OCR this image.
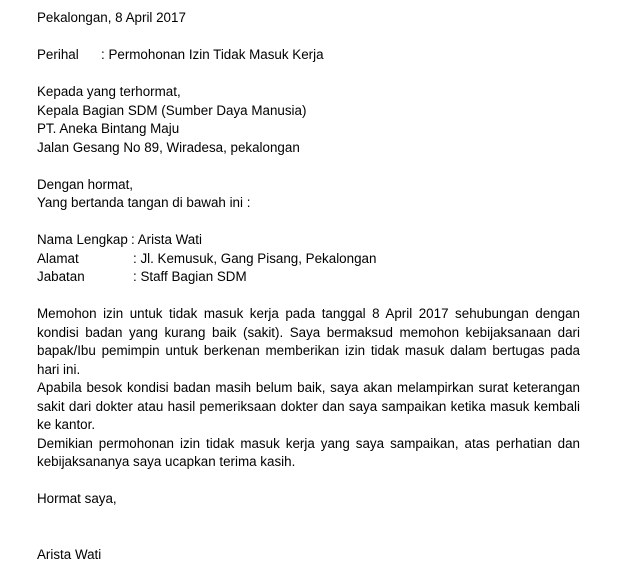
Pekalongan, 8 April 2017
Perihal	: Permohonan Izin Tidak Masuk Kerja
Kepada yang terhormat,
Kepala Bagian SDM (Sumber Daya Manusia)
PT. Aneka Bintang Maju
Jalan Gesang No 89, Wiradesa, pekalongan
Dengan hormat,
Yang bertanda tangan di bawah ini :
Nama Lengkap : Arista Wati
Alamat	: Jl. Kemusuk, Gang Pisang, Pekalongan
Jabatan	: Staff Bagian SDM

Memohon izin untuk tidak masuk kerja pada tanggal 8 April 2017 sehubungan dengan kondisi badan yang kurang baik (sakit). Saya bermaksud memohon kebijaksanaan dari bapak/Ibu pemimpin untuk berkenan memberikan izin tidak masuk dalam bertugas pada hari ini.

Apabila besok kondisi badan masih belum baik, saya akan melampirkan surat keterangan sakit dari dokter atau hasil pemeriksaan dokter dan saya sampaikan ketika masuk kembali ke kantor.

Demikian permohonan izin tidak masuk kerja yang saya sampaikan, atas perhatian dan kebijaksananya saya ucapkan terima kasih.

Hormat saya,
Arista Wati
